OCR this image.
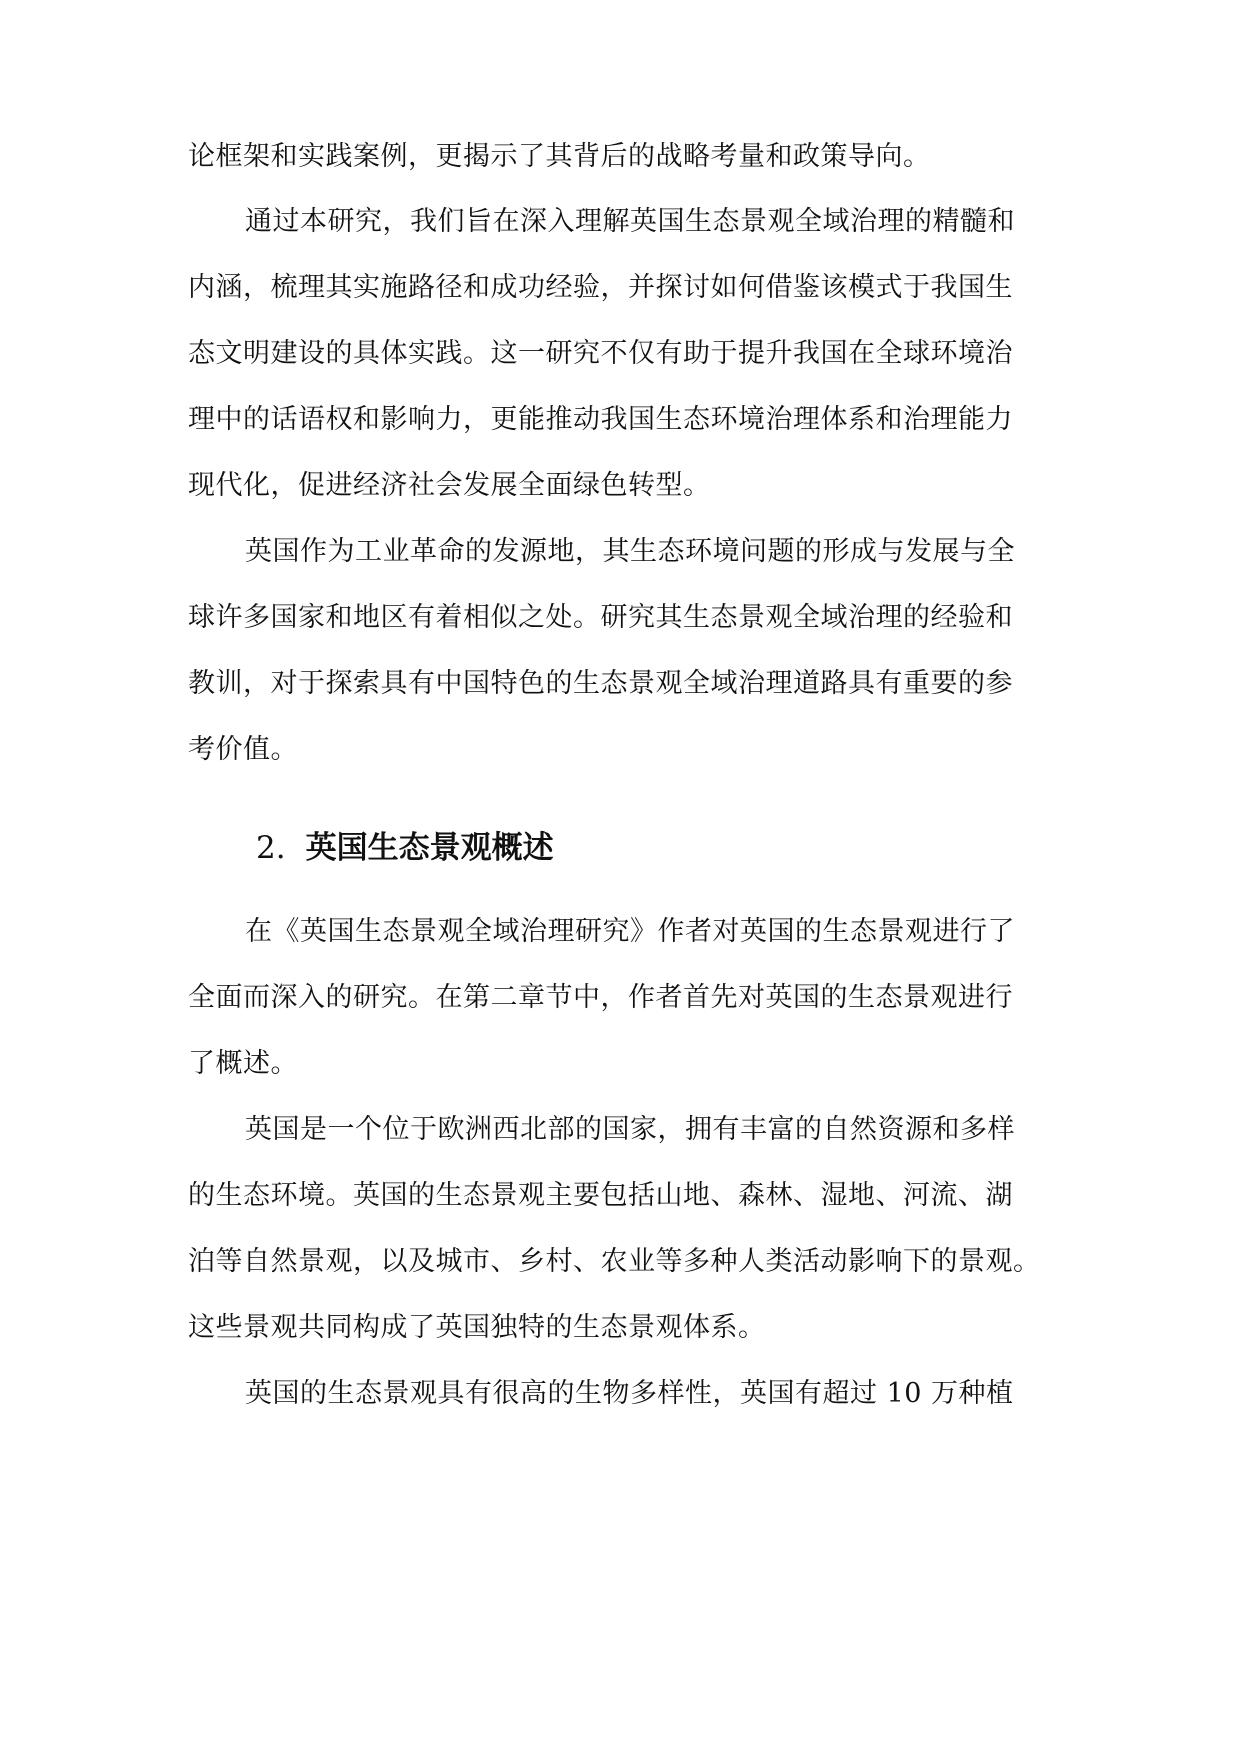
论框架和实践案例，更揭示了其背后的战略考量和政策导向。
通过本研究，我们旨在深入理解英国生态景观全域治理的精髓和
内涵，梳理其实施路径和成功经验，并探讨如何借鉴该模式于我国生
态文明建设的具体实践。这一研究不仅有助于提升我国在全球环境治
理中的话语权和影响力，更能推动我国生态环境治理体系和治理能力
现代化，促进经济社会发展全面绿色转型。
英国作为工业革命的发源地，其生态环境问题的形成与发展与全
球许多国家和地区有着相似之处。研究其生态景观全域治理的经验和
教训，对于探索具有中国特色的生态景观全域治理道路具有重要的参
考价值。
2. 英国生态景观概述
在《英国生态景观全域治理研究》作者对英国的生态景观进行了
全面而深入的研究。在第二章节中，作者首先对英国的生态景观进行
了概述。
英国是一个位于欧洲西北部的国家，拥有丰富的自然资源和多样
的生态环境。英国的生态景观主要包括山地、森林、湿地、河流、湖
泊等自然景观，以及城市、乡村、农业等多种人类活动影响下的景观。
这些景观共同构成了英国独特的生态景观体系。
英国的生态景观具有很高的生物多样性，英国有超过 10 万种植
